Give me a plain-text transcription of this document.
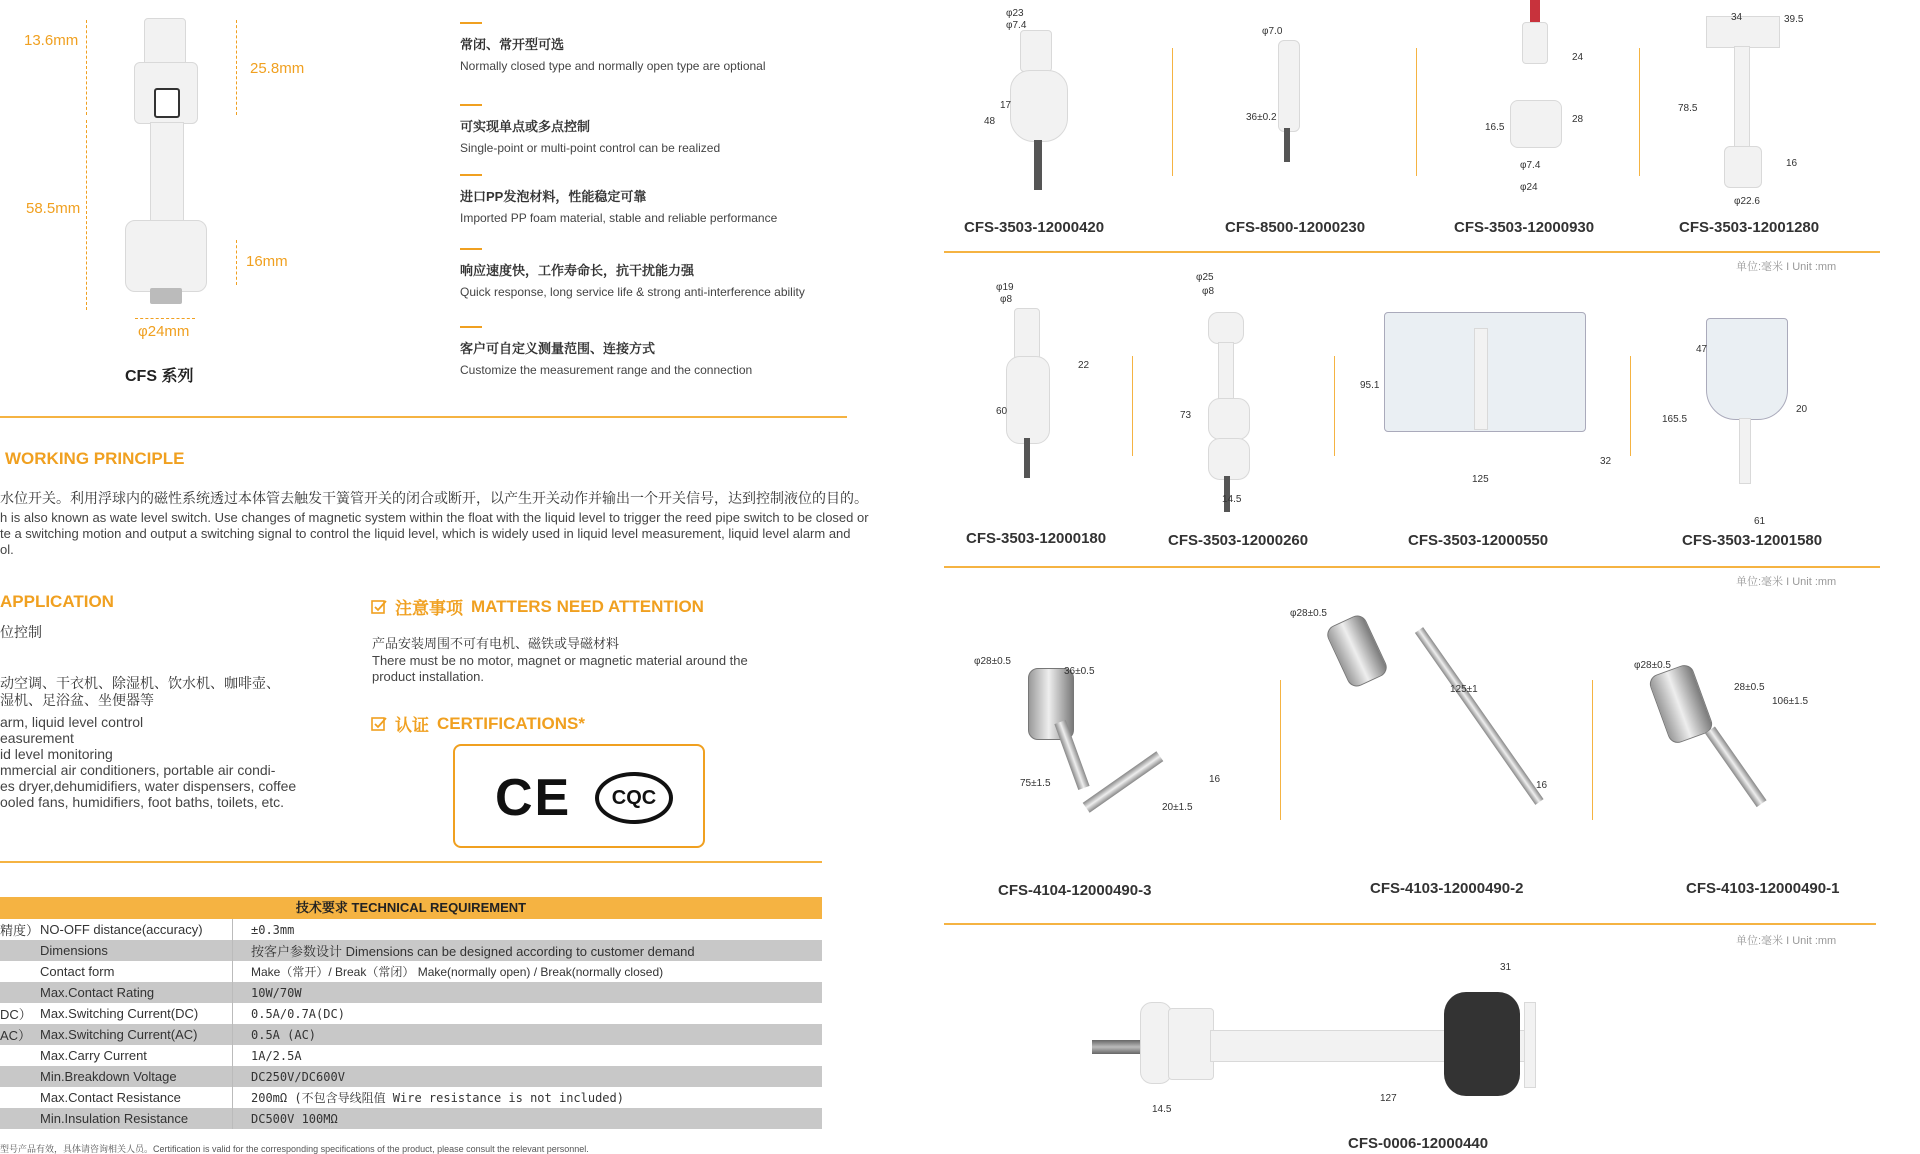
13.6mm
25.8mm
58.5mm
16mm
φ24mm
CFS 系列
常闭、常开型可选
Normally closed type and normally open type are optional
可实现单点或多点控制
Single-point or multi-point control can be realized
进口PP发泡材料，性能稳定可靠
Imported PP foam material, stable and reliable performance
响应速度快，工作寿命长，抗干扰能力强
Quick response, long service life & strong anti-interference ability
客户可自定义测量范围、连接方式
Customize the measurement range and the connection
WORKING PRINCIPLE
水位开关。利用浮球内的磁性系统透过本体管去触发干簧管开关的闭合或断开，以产生开关动作并输出一个开关信号，达到控制液位的目的。
h is also known as wate level switch. Use changes of magnetic system within the float with the liquid level to trigger the reed pipe switch to be closed or
te a switching motion and output a switching signal to control the liquid level, which is widely used in liquid level measurement, liquid level alarm and
ol.
APPLICATION
位控制
动空调、干衣机、除湿机、饮水机、咖啡壶、
湿机、足浴盆、坐便器等
arm, liquid level control
easurement
id level monitoring
mmercial air conditioners, portable air condi-
es dryer,dehumidifiers, water dispensers, coffee
ooled fans, humidifiers, foot baths, toilets, etc.
注意事项 MATTERS NEED ATTENTION
产品安装周围不可有电机、磁铁或导磁材料
There must be no motor, magnet or magnetic material around the
product installation.
认证 CERTIFICATIONS*
CE	CQC
技术要求 TECHNICAL REQUIREMENT
精度）	NO-OFF distance(accuracy)	±0.3mm
	Dimensions	按客户参数设计 Dimensions can be designed according to customer demand
	Contact form	Make（常开）/ Break（常闭） Make(normally open) / Break(normally closed)
	Max.Contact Rating	10W/70W
DC）	Max.Switching Current(DC)	0.5A/0.7A(DC)
AC）	Max.Switching Current(AC)	0.5A (AC)
	Max.Carry Current	1A/2.5A
	Min.Breakdown Voltage	DC250V/DC600V
	Max.Contact Resistance	200mΩ (不包含导线阻值 Wire resistance is not included)
	Min.Insulation Resistance	DC500V 100MΩ
型号产品有效，具体请咨询相关人员。Certification is valid for the corresponding specifications of the product, please consult the relevant personnel.
φ23
φ7.4
17
48
CFS-3503-12000420
φ7.0
36±0.2
CFS-8500-12000230
24
28
16.5
φ7.4
φ24
CFS-3503-12000930
34	39.5
78.5
16
φ22.6
CFS-3503-12001280
单位:毫米 I Unit :mm
φ19
φ8
22
60
CFS-3503-12000180
φ25
φ8
73
14.5
CFS-3503-12000260
95.1
125
32
CFS-3503-12000550
47
165.5
20
61
CFS-3503-12001580
单位:毫米 I Unit :mm
φ28±0.5
36±0.5
75±1.5	16
20±1.5
CFS-4104-12000490-3
φ28±0.5
125±1
16
CFS-4103-12000490-2
φ28±0.5
28±0.5
106±1.5
CFS-4103-12000490-1
单位:毫米 I Unit :mm
31
127
14.5
CFS-0006-12000440
